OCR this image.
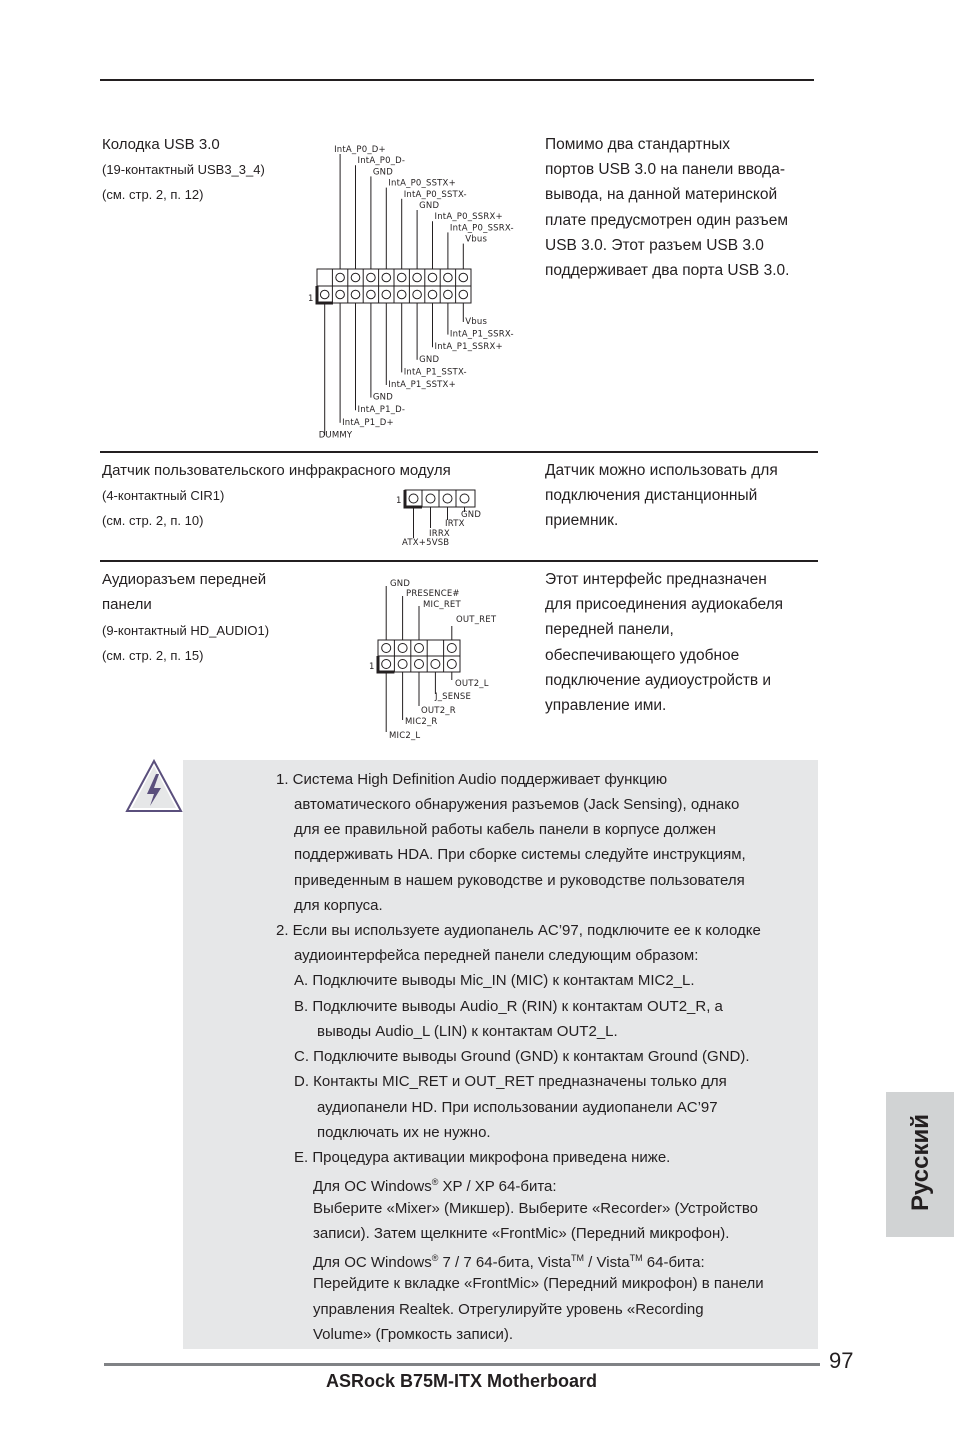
Колодка USB 3.0
(19-контактный USB3_3_4)
(см. стр. 2, п. 12)
1
IntA_P0_D+
IntA_P0_D-
GND
IntA_P0_SSTX+
IntA_P0_SSTX-
GND
IntA_P0_SSRX+
IntA_P0_SSRX-
Vbus
Vbus
IntA_P1_SSRX-
IntA_P1_SSRX+
GND
IntA_P1_SSTX-
IntA_P1_SSTX+
GND
IntA_P1_D-
IntA_P1_D+
DUMMY
Помимо два стандартных
портов USB 3.0 на панели ввода-
вывода, на данной материнской
плате предусмотрен один разъем
USB 3.0. Этот разъем USB 3.0
поддерживает два порта USB 3.0.
Датчик пользовательского инфракрасного модуля
(4-контактный CIR1)
(см. стр. 2, п. 10)
1
GND
IRTX
IRRX
ATX+5VSB
Датчик можно использовать для
подключения дистанционный
приемник.
Аудиоразъем передней
панели
(9-контактный HD_AUDIO1)
(см. стр. 2, п. 15)
1
GND
PRESENCE#
MIC_RET
OUT_RET
OUT2_L
J_SENSE
OUT2_R
MIC2_R
MIC2_L
Этот интерфейс предназначен
для присоединения аудиокабеля
передней панели,
обеспечивающего удобное
подключение аудиоустройств и
управление ими.
1. Система High Definition Audio поддерживает функцию
автоматического обнаружения разъемов (Jack Sensing), однако
для ее правильной работы кабель панели в корпусе должен
поддерживать HDA. При сборке системы следуйте инструкциям,
приведенным в нашем руководстве и руководстве пользователя
для корпуса.
2. Если вы используете аудиопанель AC’97, подключите ее к колодке
аудиоинтерфейса передней панели следующим образом:
A. Подключите выводы Mic_IN (MIC) к контактам MIC2_L.
B. Подключите выводы Audio_R (RIN) к контактам OUT2_R, а
выводы Audio_L (LIN) к контактам OUT2_L.
C. Подключите выводы Ground (GND) к контактам Ground (GND).
D. Контакты MIC_RET и OUT_RET предназначены только для
аудиопанели HD. При использовании аудиопанели AC’97
подключать их не нужно.
E. Процедура активации микрофона приведена ниже.
Для ОС Windows® XP / XP 64-бита:
Выберите «Mixer» (Микшер). Выберите «Recorder» (Устройство
записи). Затем щелкните «FrontMic» (Передний микрофон).
Для ОС Windows® 7 / 7 64-бита, Vista™ / Vista™ 64-бита:
Перейдите к вкладке «FrontMic» (Передний микрофон) в панели
управления Realtek. Отрегулируйте уровень «Recording
Volume» (Громкость записи).
Русский
97
ASRock B75M-ITX Motherboard
